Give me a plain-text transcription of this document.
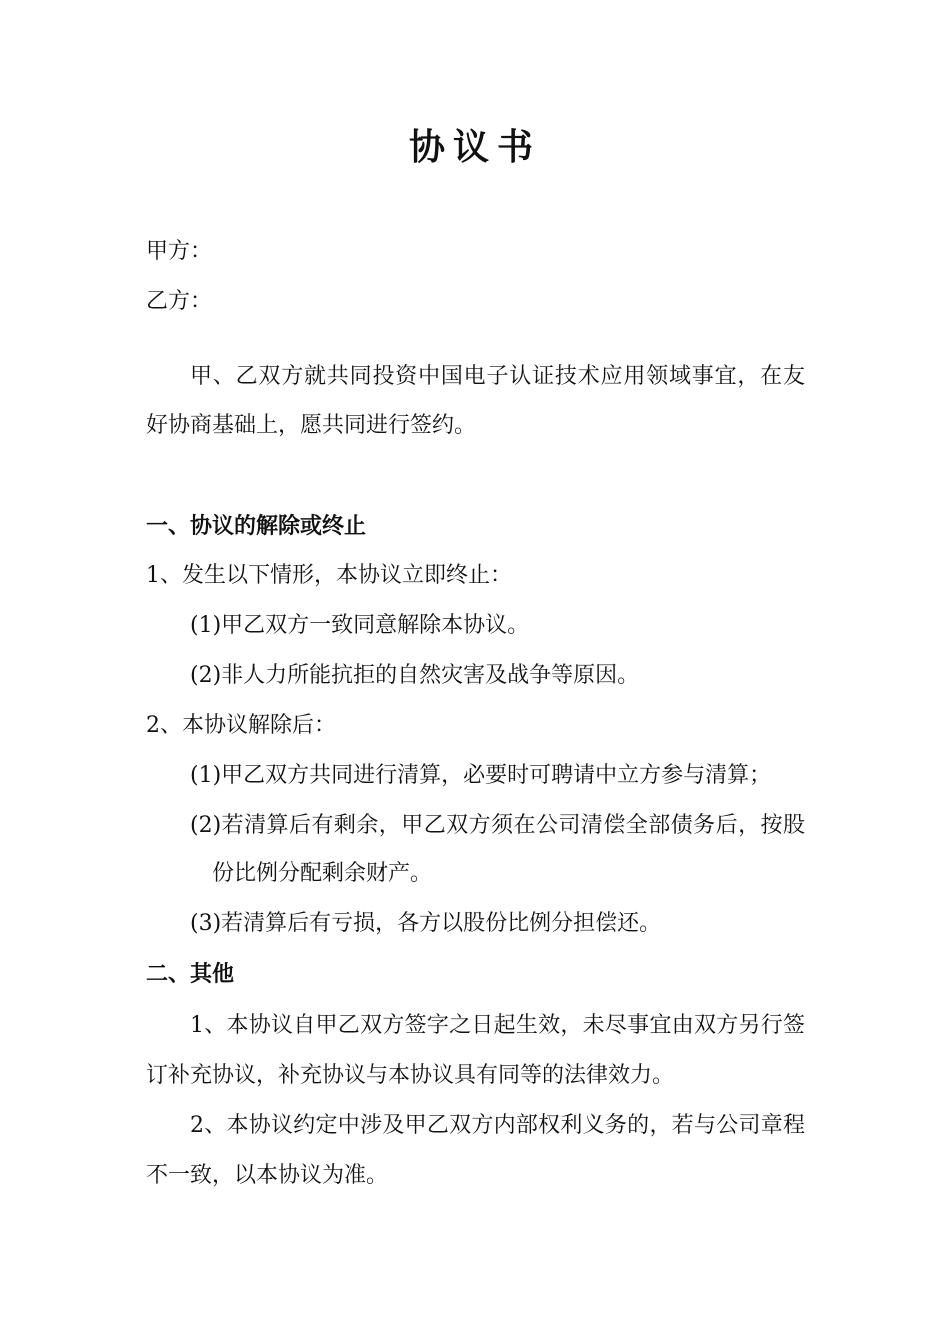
协议书
甲方：
乙方：
甲、乙双方就共同投资中国电子认证技术应用领域事宜，在友
好协商基础上，愿共同进行签约。
一、协议的解除或终止
1、发生以下情形，本协议立即终止：
(1)甲乙双方一致同意解除本协议。
(2)非人力所能抗拒的自然灾害及战争等原因。
2、本协议解除后：
(1)甲乙双方共同进行清算，必要时可聘请中立方参与清算；
(2)若清算后有剩余，甲乙双方须在公司清偿全部债务后，按股
份比例分配剩余财产。
(3)若清算后有亏损，各方以股份比例分担偿还。
二、其他
1、本协议自甲乙双方签字之日起生效，未尽事宜由双方另行签
订补充协议，补充协议与本协议具有同等的法律效力。
2、本协议约定中涉及甲乙双方内部权利义务的，若与公司章程
不一致，以本协议为准。
